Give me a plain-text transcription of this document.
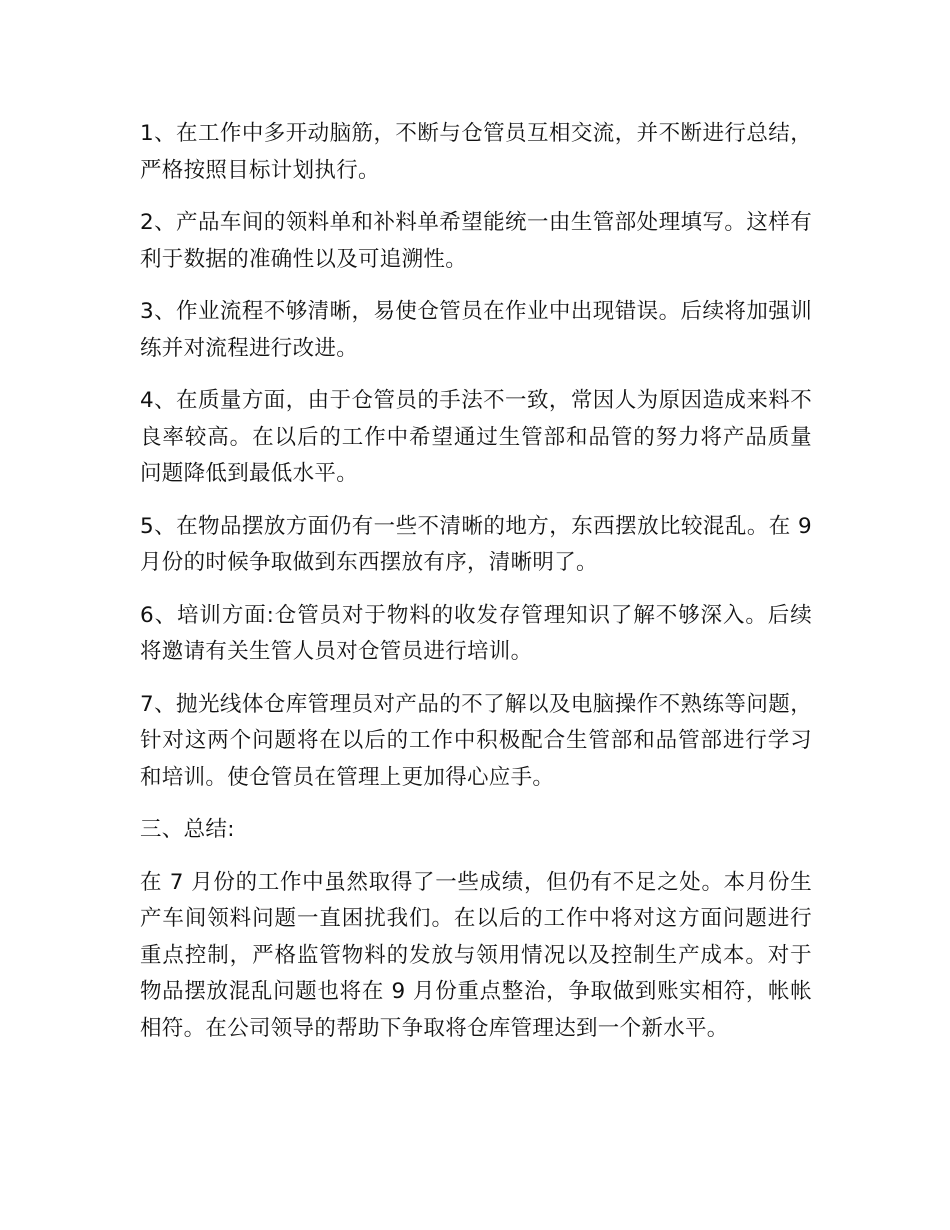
1、在工作中多开动脑筋，不断与仓管员互相交流，并不断进行总结，严格按照目标计划执行。

2、产品车间的领料单和补料单希望能统一由生管部处理填写。这样有利于数据的准确性以及可追溯性。

3、作业流程不够清晰，易使仓管员在作业中出现错误。后续将加强训练并对流程进行改进。

4、在质量方面，由于仓管员的手法不一致，常因人为原因造成来料不良率较高。在以后的工作中希望通过生管部和品管的努力将产品质量问题降低到最低水平。

5、在物品摆放方面仍有一些不清晰的地方，东西摆放比较混乱。在 9 月份的时候争取做到东西摆放有序，清晰明了。

6、培训方面:仓管员对于物料的收发存管理知识了解不够深入。后续将邀请有关生管人员对仓管员进行培训。

7、抛光线体仓库管理员对产品的不了解以及电脑操作不熟练等问题，针对这两个问题将在以后的工作中积极配合生管部和品管部进行学习和培训。使仓管员在管理上更加得心应手。

三、总结:

在 7 月份的工作中虽然取得了一些成绩，但仍有不足之处。本月份生产车间领料问题一直困扰我们。在以后的工作中将对这方面问题进行重点控制，严格监管物料的发放与领用情况以及控制生产成本。对于物品摆放混乱问题也将在 9 月份重点整治，争取做到账实相符，帐帐相符。在公司领导的帮助下争取将仓库管理达到一个新水平。
